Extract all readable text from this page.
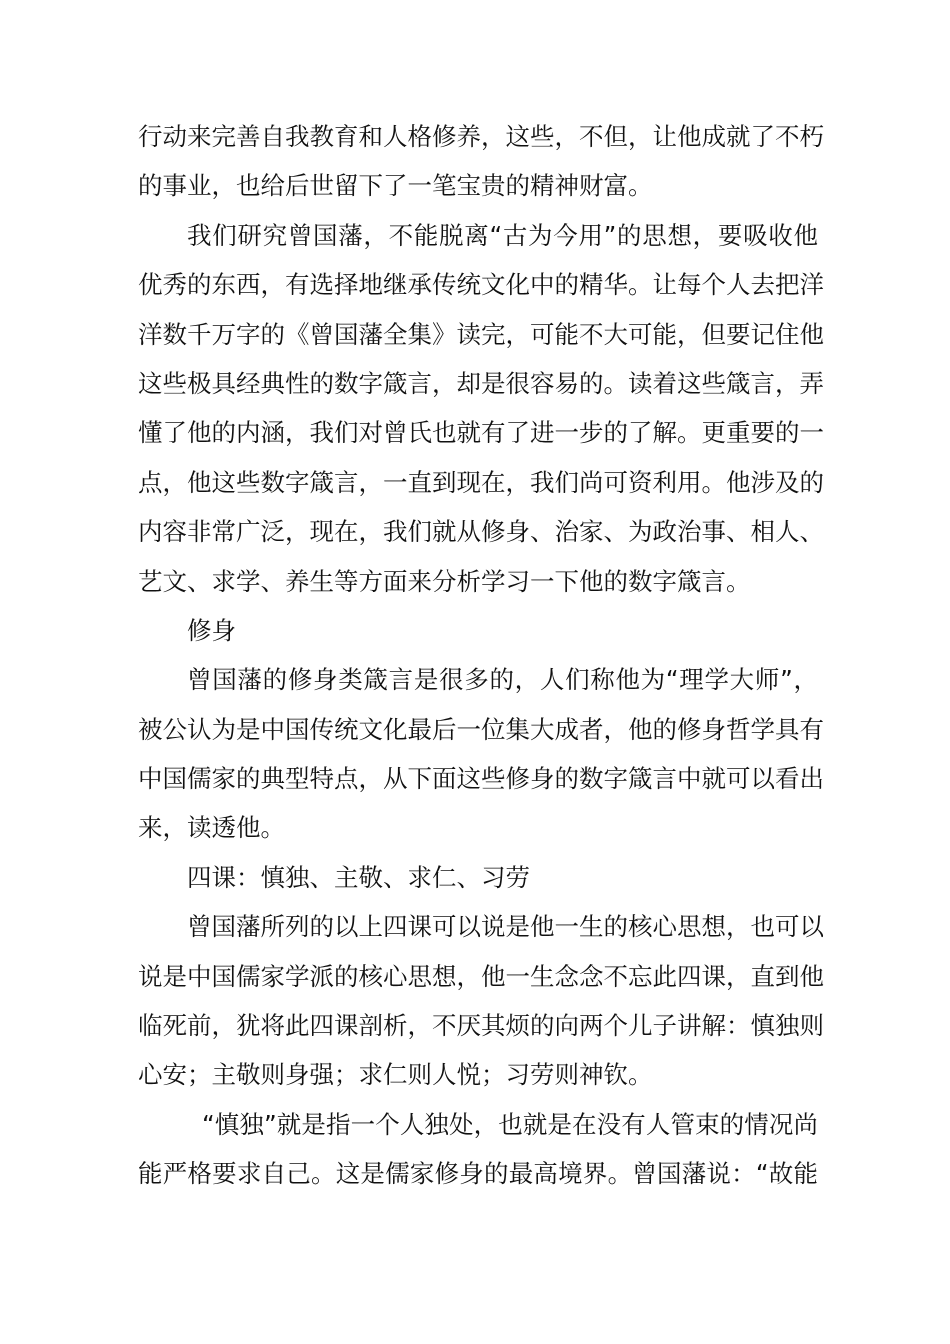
行动来完善自我教育和人格修养，这些，不但，让他成就了不朽
的事业，也给后世留下了一笔宝贵的精神财富。
我们研究曾国藩，不能脱离“古为今用”的思想，要吸收他
优秀的东西，有选择地继承传统文化中的精华。让每个人去把洋
洋数千万字的《曾国藩全集》读完，可能不大可能，但要记住他
这些极具经典性的数字箴言，却是很容易的。读着这些箴言，弄
懂了他的内涵，我们对曾氏也就有了进一步的了解。更重要的一
点，他这些数字箴言，一直到现在，我们尚可资利用。他涉及的
内容非常广泛，现在，我们就从修身、治家、为政治事、相人、
艺文、求学、养生等方面来分析学习一下他的数字箴言。
修身
曾国藩的修身类箴言是很多的，人们称他为“理学大师”，
被公认为是中国传统文化最后一位集大成者，他的修身哲学具有
中国儒家的典型特点，从下面这些修身的数字箴言中就可以看出
来，读透他。
四课：慎独、主敬、求仁、习劳
曾国藩所列的以上四课可以说是他一生的核心思想，也可以
说是中国儒家学派的核心思想，他一生念念不忘此四课，直到他
临死前，犹将此四课剖析，不厌其烦的向两个儿子讲解：慎独则
心安；主敬则身强；求仁则人悦；习劳则神钦。
“慎独”就是指一个人独处，也就是在没有人管束的情况尚
能严格要求自己。这是儒家修身的最高境界。曾国藩说：“故能
